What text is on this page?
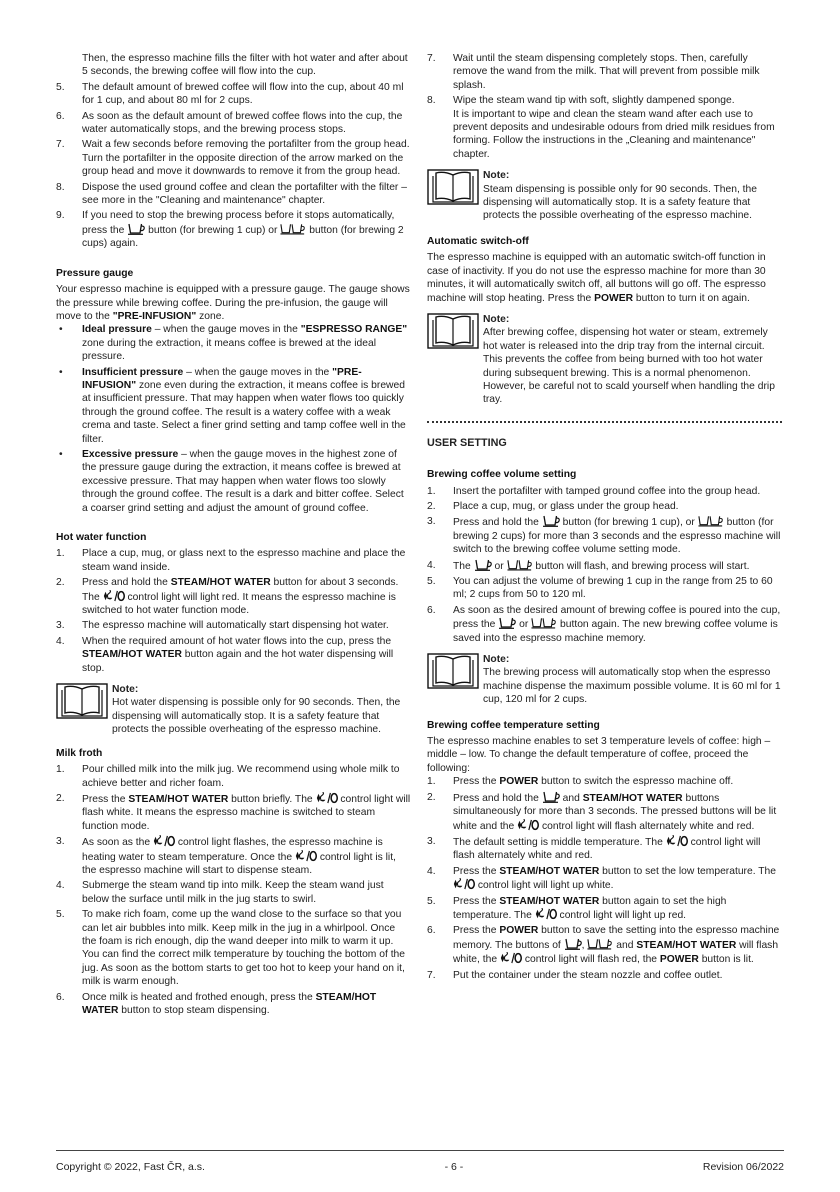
Then, the espresso machine fills the filter with hot water and after about 5 seconds, the brewing coffee will flow into the cup.
5.	The default amount of brewed coffee will flow into the cup, about 40 ml for 1 cup, and about 80 ml for 2 cups.
6.	As soon as the default amount of brewed coffee flows into the cup, the water automatically stops, and the brewing process stops.
7.	Wait a few seconds before removing the portafilter from the group head. Turn the portafilter in the opposite direction of the arrow marked on the group head and move it downwards to remove it from the group head.
8.	Dispose the used ground coffee and clean the portafilter with the filter – see more in the "Cleaning and maintenance" chapter.
9.	If you need to stop the brewing process before it stops automatically, press the button (for brewing 1 cup) or	button (for brewing 2 cups) again.
Pressure gauge

Your espresso machine is equipped with a pressure gauge. The gauge shows the pressure while brewing coffee. During the pre-infusion, the gauge will move to the "PRE-INFUSION" zone.

•	Ideal pressure – when the gauge moves in the "ESPRESSO RANGE" zone during the extraction, it means coffee is brewed at the ideal pressure.
•	Insufficient pressure – when the gauge moves in the "PRE-INFUSION" zone even during the extraction, it means coffee is brewed at insufficient pressure. That may happen when water flows too quickly through the ground coffee. The result is a watery coffee with a weak crema and taste. Select a finer grind setting and tamp coffee well in the filter.
•	Excessive pressure – when the gauge moves in the highest zone of the pressure gauge during the extraction, it means coffee is brewed at excessive pressure. That may happen when water flows too slowly through the ground coffee. The result is a dark and bitter coffee. Select a coarser grind setting and adjust the amount of ground coffee.
Hot water function
1.	Place a cup, mug, or glass next to the espresso machine and place the steam wand inside.
2.	Press and hold the STEAM/HOT WATER button for about 3 seconds. The	control light will light red. It means the espresso machine is switched to hot water function mode.
3.	The espresso machine will automatically start dispensing hot water.
4.	When the required amount of hot water flows into the cup, press the STEAM/HOT WATER button again and the hot water dispensing will stop.
Note:
Hot water dispensing is possible only for 90 seconds. Then, the dispensing will automatically stop. It is a safety feature that protects the possible overheating of the espresso machine.
Milk froth
1.	Pour chilled milk into the milk jug. We recommend using whole milk to achieve better and richer foam.
2.	Press the STEAM/HOT WATER button briefly. The	control light will flash white. It means the espresso machine is switched to steam function mode.
3.	As soon as the	control light flashes, the espresso machine is heating water to steam temperature. Once the	control light is lit, the espresso machine will start to dispense steam.
4.	Submerge the steam wand tip into milk. Keep the steam wand just below the surface until milk in the jug starts to swirl.
5.	To make rich foam, come up the wand close to the surface so that you can let air bubbles into milk. Keep milk in the jug in a whirlpool. Once the foam is rich enough, dip the wand deeper into milk to warm it up. You can find the correct milk temperature by touching the bottom of the jug. As soon as the bottom starts to get too hot to keep your hand on it, milk is warm enough.
6.	Once milk is heated and frothed enough, press the STEAM/HOT WATER button to stop steam dispensing.
7.	Wait until the steam dispensing completely stops. Then, carefully remove the wand from the milk. That will prevent from possible milk splash.
8.	Wipe the steam wand tip with soft, slightly dampened sponge.
It is important to wipe and clean the steam wand after each use to prevent deposits and undesirable odours from dried milk residues from forming. Follow the instructions in the „Cleaning and maintenance" chapter.
Note:
Steam dispensing is possible only for 90 seconds. Then, the dispensing will automatically stop. It is a safety feature that protects the possible overheating of the espresso machine.
Automatic switch-off

The espresso machine is equipped with an automatic switch-off function in case of inactivity. If you do not use the espresso machine for more than 30 minutes, it will automatically switch off, all buttons will go off. The espresso machine will stop heating. Press the POWER button to turn it on again.

Note:
After brewing coffee, dispensing hot water or steam, extremely hot water is released into the drip tray from the internal circuit. This prevents the coffee from being burned with too hot water during subsequent brewing. This is a normal phenomenon. However, be careful not to scald yourself when handling the drip tray.
USER SETTING
Brewing coffee volume setting
1.	Insert the portafilter with tamped ground coffee into the group head.
2.	Place a cup, mug, or glass under the group head.
3.	Press and hold the button (for brewing 1 cup), or	button (for brewing 2 cups) for more than 3 seconds and the espresso machine will switch to the brewing coffee volume setting mode.
4.	The or	button will flash, and brewing process will start.
5.	You can adjust the volume of brewing 1 cup in the range from 25 to 60 ml; 2 cups from 50 to 120 ml.
6.	As soon as the desired amount of brewing coffee is poured into the cup, press the or	button again. The new brewing coffee volume is saved into the espresso machine memory.
Note:
The brewing process will automatically stop when the espresso machine dispense the maximum possible volume. It is 60 ml for 1 cup, 120 ml for 2 cups.
Brewing coffee temperature setting

The espresso machine enables to set 3 temperature levels of coffee: high – middle – low. To change the default temperature of coffee, proceed the following:

1.	Press the POWER button to switch the espresso machine off.
2.	Press and hold the and STEAM/HOT WATER buttons simultaneously for more than 3 seconds. The pressed buttons will be lit white and the	control light will flash alternately white and red.
3.	The default setting is middle temperature. The	control light will flash alternately white and red.
4.	Press the STEAM/HOT WATER button to set the low temperature. The  control light will light up white.
5.	Press the STEAM/HOT WATER button again to set the high temperature. The	control light will light up red.
6.	Press the POWER button to save the setting into the espresso machine memory. The buttons of ,	and STEAM/HOT WATER will flash white, the	control light will flash red, the POWER button is lit.
7.	Put the container under the steam nozzle and coffee outlet.
Copyright © 2022, Fast ČR, a.s.	- 6 -	Revision 06/2022
